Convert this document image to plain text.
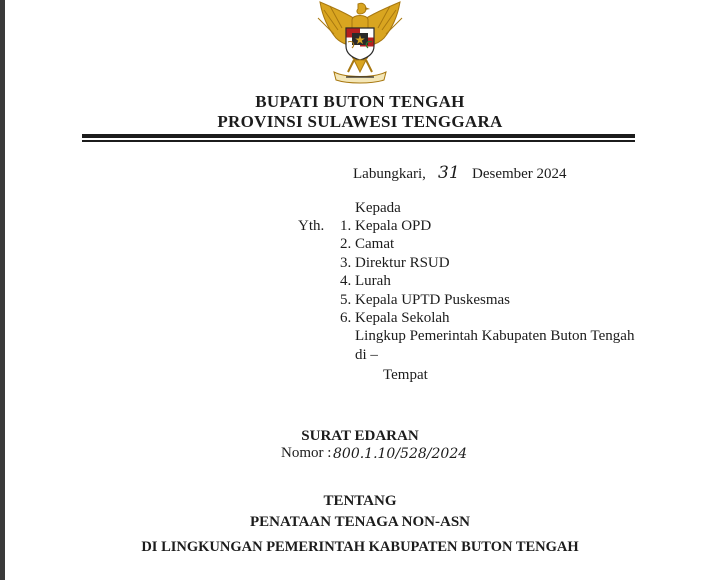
BUPATI BUTON TENGAH
PROVINSI SULAWESI TENGGARA
Labungkari, 31 Desember 2024
Kepada
Yth. 1. Kepala OPD
2. Camat
3. Direktur RSUD
4. Lurah
5. Kepala UPTD Puskesmas
6. Kepala Sekolah
Lingkup Pemerintah Kabupaten Buton Tengah
di –
Tempat
SURAT EDARAN
Nomor : 800.1.10/528/2024
TENTANG
PENATAAN TENAGA NON-ASN
DI LINGKUNGAN PEMERINTAH KABUPATEN BUTON TENGAH
